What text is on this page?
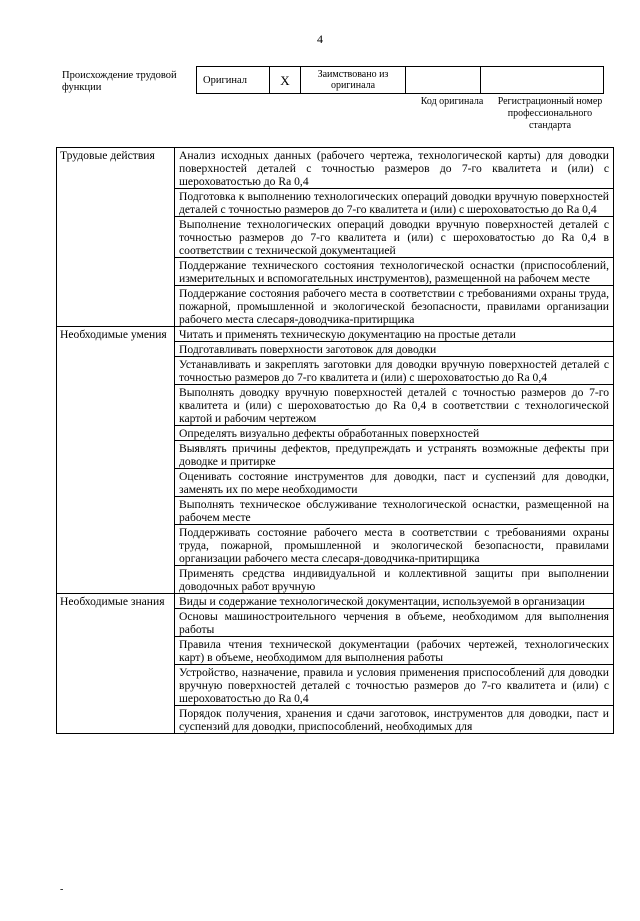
4
Происхождение трудовой функции
Оригинал	Х	Заимствовано из оригинала		
Код оригинала	Регистрационный номер профессионального стандарта
Трудовые действия	Анализ исходных данных (рабочего чертежа, технологической карты) для доводки поверхностей деталей с точностью размеров до 7-го квалитета и (или) с шероховатостью до Ra 0,4
	Подготовка к выполнению технологических операций доводки вручную поверхностей деталей с точностью размеров до 7-го квалитета и (или) с шероховатостью до Ra 0,4
	Выполнение технологических операций доводки вручную поверхностей деталей с точностью размеров до 7-го квалитета и (или) с шероховатостью до Ra 0,4 в соответствии с технической документацией
	Поддержание технического состояния технологической оснастки (приспособлений, измерительных и вспомогательных инструментов), размещенной на рабочем месте
	Поддержание состояния рабочего места в соответствии с требованиями охраны труда, пожарной, промышленной и экологической безопасности, правилами организации рабочего места слесаря-доводчика-притирщика
Необходимые умения	Читать и применять техническую документацию на простые детали
	Подготавливать поверхности заготовок для доводки
	Устанавливать и закреплять заготовки для доводки вручную поверхностей деталей с точностью размеров до 7-го квалитета и (или) с шероховатостью до Ra 0,4
	Выполнять доводку вручную поверхностей деталей с точностью размеров до 7-го квалитета и (или) с шероховатостью до Ra 0,4 в соответствии с технологической картой и рабочим чертежом
	Определять визуально дефекты обработанных поверхностей
	Выявлять причины дефектов, предупреждать и устранять возможные дефекты при доводке и притирке
	Оценивать состояние инструментов для доводки, паст и суспензий для доводки, заменять их по мере необходимости
	Выполнять техническое обслуживание технологической оснастки, размещенной на рабочем месте
	Поддерживать состояние рабочего места в соответствии с требованиями охраны труда, пожарной, промышленной и экологической безопасности, правилами организации рабочего места слесаря-доводчика-притирщика
	Применять средства индивидуальной и коллективной защиты при выполнении доводочных работ вручную
Необходимые знания	Виды и содержание технологической документации, используемой в организации
	Основы машиностроительного черчения в объеме, необходимом для выполнения работы
	Правила чтения технической документации (рабочих чертежей, технологических карт) в объеме, необходимом для выполнения работы
	Устройство, назначение, правила и условия применения приспособлений для доводки вручную поверхностей деталей с точностью размеров до 7-го квалитета и (или) с шероховатостью до Ra 0,4
	Порядок получения, хранения и сдачи заготовок, инструментов для доводки, паст и суспензий для доводки, приспособлений, необходимых для
-
